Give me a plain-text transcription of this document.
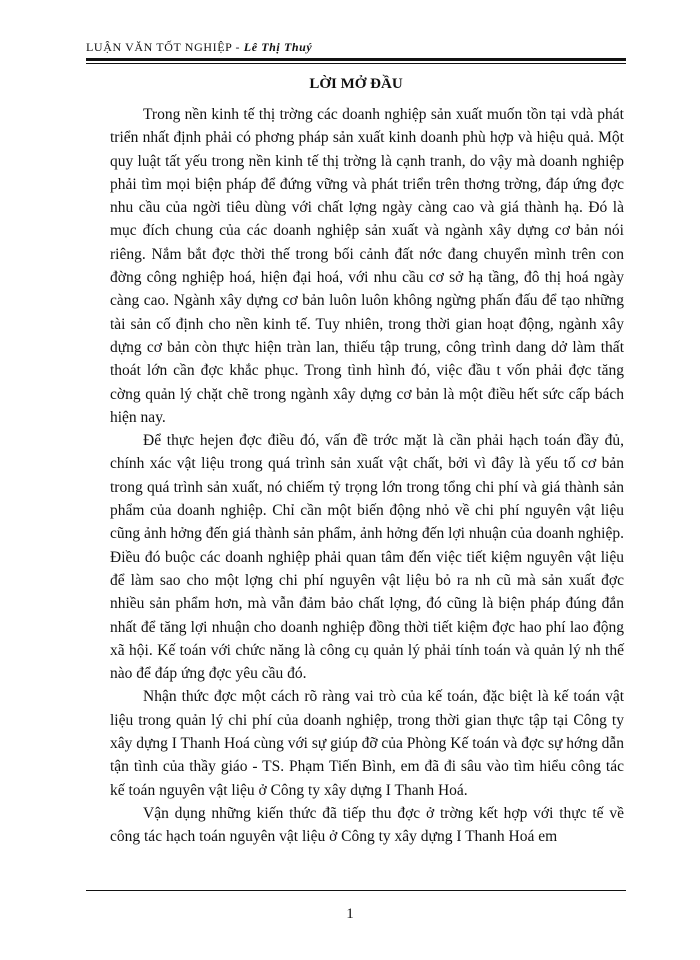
LUẬN VĂN TỐT NGHIỆP - Lê Thị Thuý
LỜI MỞ ĐẦU

Trong nền kinh tế thị trờng các doanh nghiệp sản xuất muốn tồn tại vdà phát triển nhất định phải có phơng pháp sản xuất kinh doanh phù hợp và hiệu quả. Một quy luật tất yếu trong nền kinh tế thị trờng là cạnh tranh, do vậy mà doanh nghiệp phải tìm mọi biện pháp để đứng vững và phát triển trên thơng trờng, đáp ứng đợc nhu cầu của ngời tiêu dùng với chất lợng ngày càng cao và giá thành hạ. Đó là mục đích chung của các doanh nghiệp sản xuất và ngành xây dựng cơ bản nói riêng. Nắm bắt đợc thời thế trong bối cảnh đất nớc đang chuyển mình trên con đờng công nghiệp hoá, hiện đại hoá, với nhu cầu cơ sở hạ tầng, đô thị hoá ngày càng cao. Ngành xây dựng cơ bản luôn luôn không ngừng phấn đấu để tạo những tài sản cố định cho nền kinh tế. Tuy nhiên, trong thời gian hoạt động, ngành xây dựng cơ bản còn thực hiện tràn lan, thiếu tập trung, công trình dang dở làm thất thoát lớn cần đợc khắc phục. Trong tình hình đó, việc đầu t vốn phải đợc tăng cờng quản lý chặt chẽ trong ngành xây dựng cơ bản là một điều hết sức cấp bách hiện nay.

Để thực hejen đợc điều đó, vấn đề trớc mặt là cần phải hạch toán đầy đủ, chính xác vật liệu trong quá trình sản xuất vật chất, bởi vì đây là yếu tố cơ bản trong quá trình sản xuất, nó chiếm tỷ trọng lớn trong tổng chi phí và giá thành sản phẩm của doanh nghiệp. Chỉ cần một biến động nhỏ về chi phí nguyên vật liệu cũng ảnh hởng đến giá thành sản phẩm, ảnh hởng đến lợi nhuận của doanh nghiệp. Điều đó buộc các doanh nghiệp phải quan tâm đến việc tiết kiệm nguyên vật liệu để làm sao cho một lợng chi phí nguyên vật liệu bỏ ra nh cũ mà sản xuất đợc nhiều sản phẩm hơn, mà vẫn đảm bảo chất lợng, đó cũng là biện pháp đúng đắn nhất để tăng lợi nhuận cho doanh nghiệp đồng thời tiết kiệm đợc hao phí lao động xã hội. Kế toán với chức năng là công cụ quản lý phải tính toán và quản lý nh thế nào để đáp ứng đợc yêu cầu đó.

Nhận thức đợc một cách rõ ràng vai trò của kế toán, đặc biệt là kế toán vật liệu trong quản lý chi phí của doanh nghiệp, trong thời gian thực tập tại Công ty xây dựng I Thanh Hoá cùng với sự giúp đỡ của Phòng Kế toán và đợc sự hớng dẫn tận tình của thầy giáo - TS. Phạm Tiến Bình, em đã đi sâu vào tìm hiểu công tác kế toán nguyên vật liệu ở Công ty xây dựng I Thanh Hoá.

Vận dụng những kiến thức đã tiếp thu đợc ở trờng kết hợp với thực tế về công tác hạch toán nguyên vật liệu ở Công ty xây dựng I Thanh Hoá em

1
